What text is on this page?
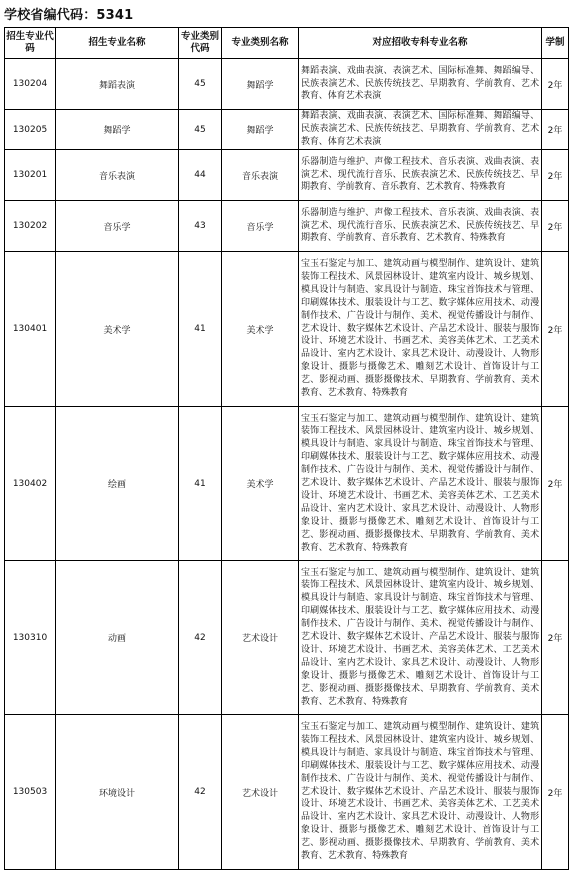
学校省编代码：5341
招生专业代码	招生专业名称	专业类别代码	专业类别名称	对应招收专科专业名称	学制
130204	舞蹈表演	45	舞蹈学	舞蹈表演、戏曲表演、表演艺术、国际标准舞、舞蹈编导、民族表演艺术、民族传统技艺、早期教育、学前教育、艺术教育、体育艺术表演	2年
130205	舞蹈学	45	舞蹈学	舞蹈表演、戏曲表演、表演艺术、国际标准舞、舞蹈编导、民族表演艺术、民族传统技艺、早期教育、学前教育、艺术教育、体育艺术表演	2年
130201	音乐表演	44	音乐表演	乐器制造与维护、声像工程技术、音乐表演、戏曲表演、表演艺术、现代流行音乐、民族表演艺术、民族传统技艺、早期教育、学前教育、音乐教育、艺术教育、特殊教育	2年
130202	音乐学	43	音乐学	乐器制造与维护、声像工程技术、音乐表演、戏曲表演、表演艺术、现代流行音乐、民族表演艺术、民族传统技艺、早期教育、学前教育、音乐教育、艺术教育、特殊教育	2年
130401	美术学	41	美术学	宝玉石鉴定与加工、建筑动画与模型制作、建筑设计、建筑装饰工程技术、风景园林设计、建筑室内设计、城乡规划、模具设计与制造、家具设计与制造、珠宝首饰技术与管理、印刷媒体技术、服装设计与工艺、数字媒体应用技术、动漫制作技术、广告设计与制作、美术、视觉传播设计与制作、艺术设计、数字媒体艺术设计、产品艺术设计、服装与服饰设计、环境艺术设计、书画艺术、美容美体艺术、工艺美术品设计、室内艺术设计、家具艺术设计、动漫设计、人物形象设计、摄影与摄像艺术、雕刻艺术设计、首饰设计与工艺、影视动画、摄影摄像技术、早期教育、学前教育、美术教育、艺术教育、特殊教育	2年
130402	绘画	41	美术学	宝玉石鉴定与加工、建筑动画与模型制作、建筑设计、建筑装饰工程技术、风景园林设计、建筑室内设计、城乡规划、模具设计与制造、家具设计与制造、珠宝首饰技术与管理、印刷媒体技术、服装设计与工艺、数字媒体应用技术、动漫制作技术、广告设计与制作、美术、视觉传播设计与制作、艺术设计、数字媒体艺术设计、产品艺术设计、服装与服饰设计、环境艺术设计、书画艺术、美容美体艺术、工艺美术品设计、室内艺术设计、家具艺术设计、动漫设计、人物形象设计、摄影与摄像艺术、雕刻艺术设计、首饰设计与工艺、影视动画、摄影摄像技术、早期教育、学前教育、美术教育、艺术教育、特殊教育	2年
130310	动画	42	艺术设计	宝玉石鉴定与加工、建筑动画与模型制作、建筑设计、建筑装饰工程技术、风景园林设计、建筑室内设计、城乡规划、模具设计与制造、家具设计与制造、珠宝首饰技术与管理、印刷媒体技术、服装设计与工艺、数字媒体应用技术、动漫制作技术、广告设计与制作、美术、视觉传播设计与制作、艺术设计、数字媒体艺术设计、产品艺术设计、服装与服饰设计、环境艺术设计、书画艺术、美容美体艺术、工艺美术品设计、室内艺术设计、家具艺术设计、动漫设计、人物形象设计、摄影与摄像艺术、雕刻艺术设计、首饰设计与工艺、影视动画、摄影摄像技术、早期教育、学前教育、美术教育、艺术教育、特殊教育	2年
130503	环境设计	42	艺术设计	宝玉石鉴定与加工、建筑动画与模型制作、建筑设计、建筑装饰工程技术、风景园林设计、建筑室内设计、城乡规划、模具设计与制造、家具设计与制造、珠宝首饰技术与管理、印刷媒体技术、服装设计与工艺、数字媒体应用技术、动漫制作技术、广告设计与制作、美术、视觉传播设计与制作、艺术设计、数字媒体艺术设计、产品艺术设计、服装与服饰设计、环境艺术设计、书画艺术、美容美体艺术、工艺美术品设计、室内艺术设计、家具艺术设计、动漫设计、人物形象设计、摄影与摄像艺术、雕刻艺术设计、首饰设计与工艺、影视动画、摄影摄像技术、早期教育、学前教育、美术教育、艺术教育、特殊教育	2年
